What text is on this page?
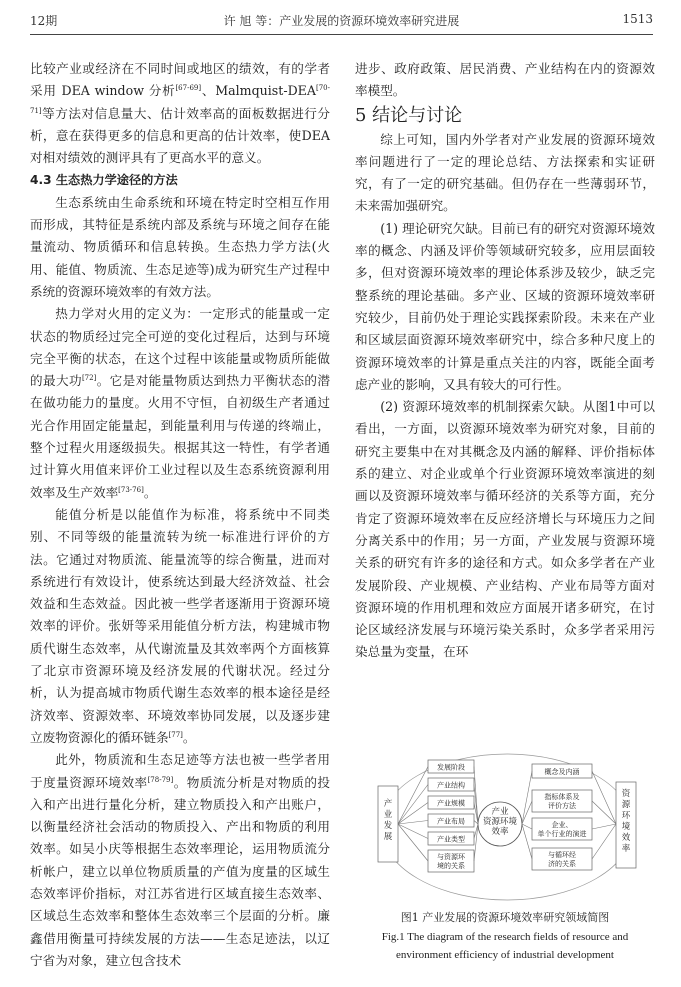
12期	许 旭 等：产业发展的资源环境效率研究进展	1513

比较产业或经济在不同时间或地区的绩效，有的学者采用 DEA window 分析[67-69]、Malmquist-DEA[70-71]等方法对信息量大、估计效率高的面板数据进行分析，意在获得更多的信息和更高的估计效率，使DEA对相对绩效的测评具有了更高水平的意义。

4.3 生态热力学途径的方法

生态系统由生命系统和环境在特定时空相互作用而形成，其特征是系统内部及系统与环境之间存在能量流动、物质循环和信息转换。生态热力学方法(火用、能值、物质流、生态足迹等)成为研究生产过程中系统的资源环境效率的有效方法。

热力学对火用的定义为：一定形式的能量或一定状态的物质经过完全可逆的变化过程后，达到与环境完全平衡的状态，在这个过程中该能量或物质所能做的最大功[72]。它是对能量物质达到热力平衡状态的潜在做功能力的量度。火用不守恒，自初级生产者通过光合作用固定能量起，到能量利用与传递的终端止，整个过程火用逐级损失。根据其这一特性，有学者通过计算火用值来评价工业过程以及生态系统资源利用效率及生产效率[73-76]。

能值分析是以能值作为标准，将系统中不同类别、不同等级的能量流转为统一标准进行评价的方法。它通过对物质流、能量流等的综合衡量，进而对系统进行有效设计，使系统达到最大经济效益、社会效益和生态效益。因此被一些学者逐渐用于资源环境效率的评价。张妍等采用能值分析方法，构建城市物质代谢生态效率，从代谢流量及其效率两个方面核算了北京市资源环境及经济发展的代谢状况。经过分析，认为提高城市物质代谢生态效率的根本途径是经济效率、资源效率、环境效率协同发展，以及逐步建立废物资源化的循环链条[77]。

此外，物质流和生态足迹等方法也被一些学者用于度量资源环境效率[78-79]。物质流分析是对物质的投入和产出进行量化分析，建立物质投入和产出账户，以衡量经济社会活动的物质投入、产出和物质的利用效率。如吴小庆等根据生态效率理论，运用物质流分析帐户，建立以单位物质质量的产值为度量的区域生态效率评价指标，对江苏省进行区域直接生态效率、区域总生态效率和整体生态效率三个层面的分析。廉鑫借用衡量可持续发展的方法——生态足迹法，以辽宁省为对象，建立包含技术

进步、政府政策、居民消费、产业结构在内的资源效率模型。

5 结论与讨论

综上可知，国内外学者对产业发展的资源环境效率问题进行了一定的理论总结、方法探索和实证研究，有了一定的研究基础。但仍存在一些薄弱环节，未来需加强研究。

(1) 理论研究欠缺。目前已有的研究对资源环境效率的概念、内涵及评价等领域研究较多，应用层面较多，但对资源环境效率的理论体系涉及较少，缺乏完整系统的理论基础。多产业、区域的资源环境效率研究较少，目前仍处于理论实践探索阶段。未来在产业和区域层面资源环境效率研究中，综合多种尺度上的资源环境效率的计算是重点关注的内容，既能全面考虑产业的影响，又具有较大的可行性。

(2) 资源环境效率的机制探索欠缺。从图1中可以看出，一方面，以资源环境效率为研究对象，目前的研究主要集中在对其概念及内涵的解释、评价指标体系的建立、对企业或单个行业资源环境效率演进的刻画以及资源环境效率与循环经济的关系等方面，充分肯定了资源环境效率在反应经济增长与环境压力之间分离关系中的作用；另一方面，产业发展与资源环境关系的研究有许多的途径和方式。如众多学者在产业发展阶段、产业规模、产业结构、产业布局等方面对资源环境的作用机理和效应方面展开诸多研究，在讨论区域经济发展与环境污染关系时，众多学者采用污染总量为变量，在环

产业发展
资源环境效率
发展阶段
产业结构
产业规模
产业布局
产业类型
与资源环境的关系
概念及内涵
指标体系及评价方法
企业、单个行业的演进
与循环经济的关系
产业资源环境效率
图1 产业发展的资源环境效率研究领域简图
Fig.1 The diagram of the research fields of resource and environment efficiency of industrial development
